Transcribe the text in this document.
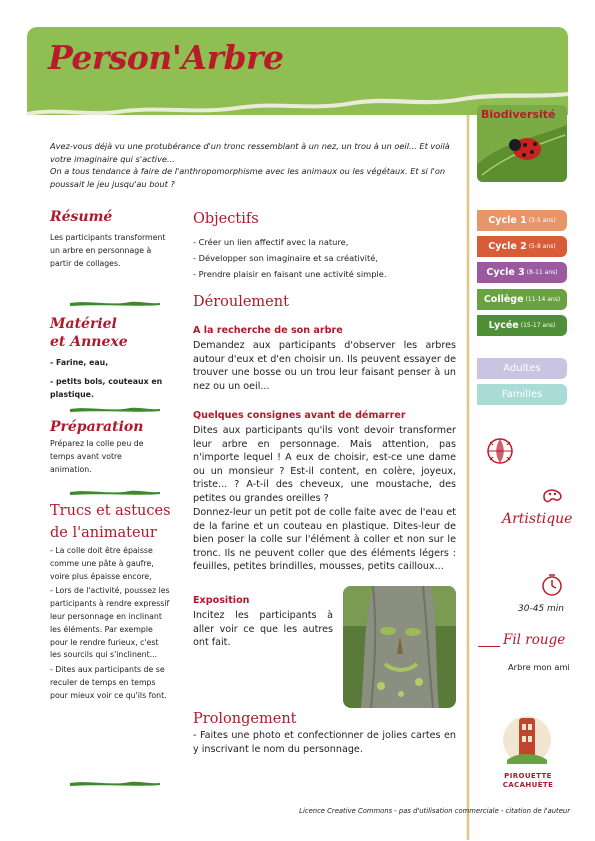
Person'Arbre

Avez-vous déjà vu une protubérance d'un tronc ressemblant à un nez, un trou à un oeil... Et voilà votre imaginaire qui s'active...

On a tous tendance à faire de l'anthropomorphisme avec les animaux ou les végétaux. Et si l'on poussait le jeu jusqu'au bout ?

Résumé
Les participants transforment un arbre en personnage à partir de collages.
Matériel
et Annexe
- Farine, eau,
- petits bols, couteaux en plastique.
Préparation
Préparez la colle peu de temps avant votre animation.
Trucs et astuces
de l'animateur
- La colle doit être épaisse comme une pâte à gaufre, voire plus épaisse encore,
- Lors de l'activité, poussez les participants à rendre expressif leur personnage en inclinant les éléments. Par exemple pour le rendre furieux, c'est les sourcils qui s'inclinent...
- Dites aux participants de se reculer de temps en temps pour mieux voir ce qu'ils font.
Objectifs
- Créer un lien affectif avec la nature,
- Développer son imaginaire et sa créativité,
- Prendre plaisir en faisant une activité simple.
Déroulement
A la recherche de son arbre
Demandez aux participants d'observer les arbres autour d'eux et d'en choisir un. Ils peuvent essayer de trouver une bosse ou un trou leur faisant penser à un nez ou un oeil...
Quelques consignes avant de démarrer
Dites aux participants qu'ils vont devoir transformer leur arbre en personnage. Mais attention, pas n'importe lequel ! A eux de choisir, est-ce une dame ou un monsieur ? Est-il content, en colère, joyeux, triste... ? A-t-il des cheveux, une moustache, des petites ou grandes oreilles ?
Donnez-leur un petit pot de colle faite avec de l'eau et de la farine et un couteau en plastique. Dites-leur de bien poser la colle sur l'élément à coller et non sur le tronc. Ils ne peuvent coller que des éléments légers : feuilles, petites brindilles, mousses, petits cailloux...
Exposition
Incitez les participants à aller voir ce que les autres ont fait.
Prolongement
- Faites une photo et confectionner de jolies cartes en y inscrivant le nom du personnage.
Biodiversité
Cycle 1 (3-5 ans)
Cycle 2 (5-8 ans)
Cycle 3 (8-11 ans)
Collège (11-14 ans)
Lycée (15-17 ans)
Adultes
Familles
Artistique
30-45 min
Fil rouge
Arbre mon ami
PIROUETTE
CACAHUÈTE
Licence Creative Commons - pas d'utilisation commerciale - citation de l'auteur
